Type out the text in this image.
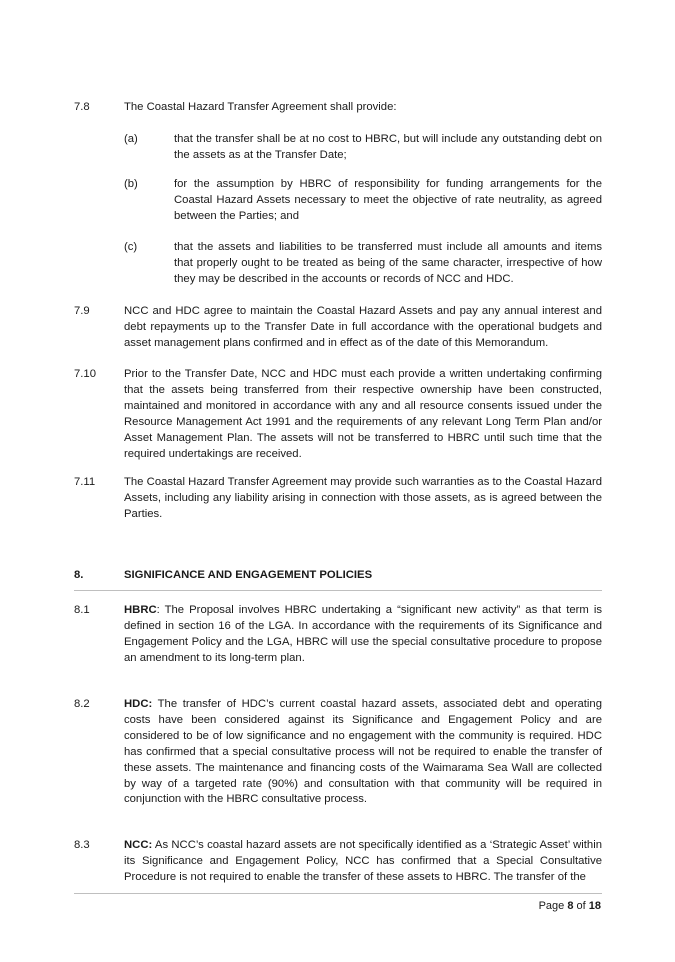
7.8	The Coastal Hazard Transfer Agreement shall provide:
(a)	that the transfer shall be at no cost to HBRC, but will include any outstanding debt on the assets as at the Transfer Date;
(b)	for the assumption by HBRC of responsibility for funding arrangements for the Coastal Hazard Assets necessary to meet the objective of rate neutrality, as agreed between the Parties; and
(c)	that the assets and liabilities to be transferred must include all amounts and items that properly ought to be treated as being of the same character, irrespective of how they may be described in the accounts or records of NCC and HDC.
7.9	NCC and HDC agree to maintain the Coastal Hazard Assets and pay any annual interest and debt repayments up to the Transfer Date in full accordance with the operational budgets and asset management plans confirmed and in effect as of the date of this Memorandum.
7.10 Prior to the Transfer Date, NCC and HDC must each provide a written undertaking confirming that the assets being transferred from their respective ownership have been constructed, maintained and monitored in accordance with any and all resource consents issued under the Resource Management Act 1991 and the requirements of any relevant Long Term Plan and/or Asset Management Plan. The assets will not be transferred to HBRC until such time that the required undertakings are received.
7.11	The Coastal Hazard Transfer Agreement may provide such warranties as to the Coastal Hazard Assets, including any liability arising in connection with those assets, as is agreed between the Parties.
8.	SIGNIFICANCE AND ENGAGEMENT POLICIES
8.1	HBRC: The Proposal involves HBRC undertaking a “significant new activity” as that term is defined in section 16 of the LGA. In accordance with the requirements of its Significance and Engagement Policy and the LGA, HBRC will use the special consultative procedure to propose an amendment to its long-term plan.
8.2	HDC: The transfer of HDC’s current coastal hazard assets, associated debt and operating costs have been considered against its Significance and Engagement Policy and are considered to be of low significance and no engagement with the community is required. HDC has confirmed that a special consultative process will not be required to enable the transfer of these assets. The maintenance and financing costs of the Waimarama Sea Wall are collected by way of a targeted rate (90%) and consultation with that community will be required in conjunction with the HBRC consultative process.
8.3	NCC: As NCC’s coastal hazard assets are not specifically identified as a ‘Strategic Asset’ within its Significance and Engagement Policy, NCC has confirmed that a Special Consultative Procedure is not required to enable the transfer of these assets to HBRC. The transfer of the
Page 8 of 18
